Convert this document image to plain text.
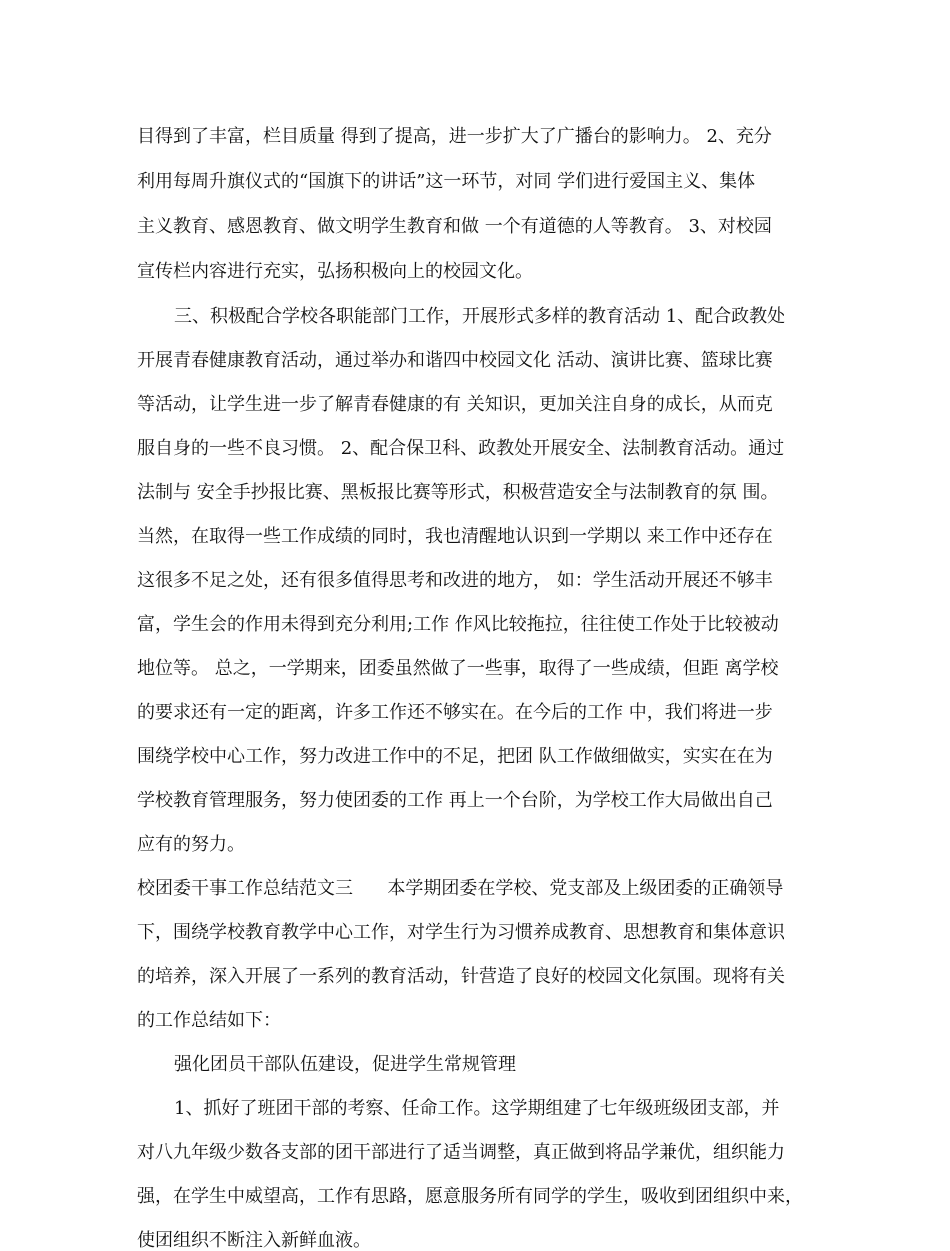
目得到了丰富，栏目质量 得到了提高，进一步扩大了广播台的影响力。 2、充分
利用每周升旗仪式的“国旗下的讲话”这一环节，对同 学们进行爱国主义、集体
主义教育、感恩教育、做文明学生教育和做 一个有道德的人等教育。 3、对校园
宣传栏内容进行充实，弘扬积极向上的校园文化。
三、积极配合学校各职能部门工作，开展形式多样的教育活动 1、配合政教处
开展青春健康教育活动，通过举办和谐四中校园文化 活动、演讲比赛、篮球比赛
等活动，让学生进一步了解青春健康的有 关知识，更加关注自身的成长，从而克
服自身的一些不良习惯。 2、配合保卫科、政教处开展安全、法制教育活动。通过
法制与 安全手抄报比赛、黑板报比赛等形式，积极营造安全与法制教育的氛 围。
当然，在取得一些工作成绩的同时，我也清醒地认识到一学期以 来工作中还存在
这很多不足之处，还有很多值得思考和改进的地方， 如：学生活动开展还不够丰
富，学生会的作用未得到充分利用;工作 作风比较拖拉，往往使工作处于比较被动
地位等。 总之，一学期来，团委虽然做了一些事，取得了一些成绩，但距 离学校
的要求还有一定的距离，许多工作还不够实在。在今后的工作 中，我们将进一步
围绕学校中心工作，努力改进工作中的不足，把团 队工作做细做实，实实在在为
学校教育管理服务，努力使团委的工作 再上一个台阶，为学校工作大局做出自己
应有的努力。
校团委干事工作总结范文三      本学期团委在学校、党支部及上级团委的正确领导
下，围绕学校教育教学中心工作，对学生行为习惯养成教育、思想教育和集体意识
的培养，深入开展了一系列的教育活动，针营造了良好的校园文化氛围。现将有关
的工作总结如下：
强化团员干部队伍建设，促进学生常规管理
1、抓好了班团干部的考察、任命工作。这学期组建了七年级班级团支部，并
对八九年级少数各支部的团干部进行了适当调整，真正做到将品学兼优，组织能力
强，在学生中威望高，工作有思路，愿意服务所有同学的学生，吸收到团组织中来，
使团组织不断注入新鲜血液。
